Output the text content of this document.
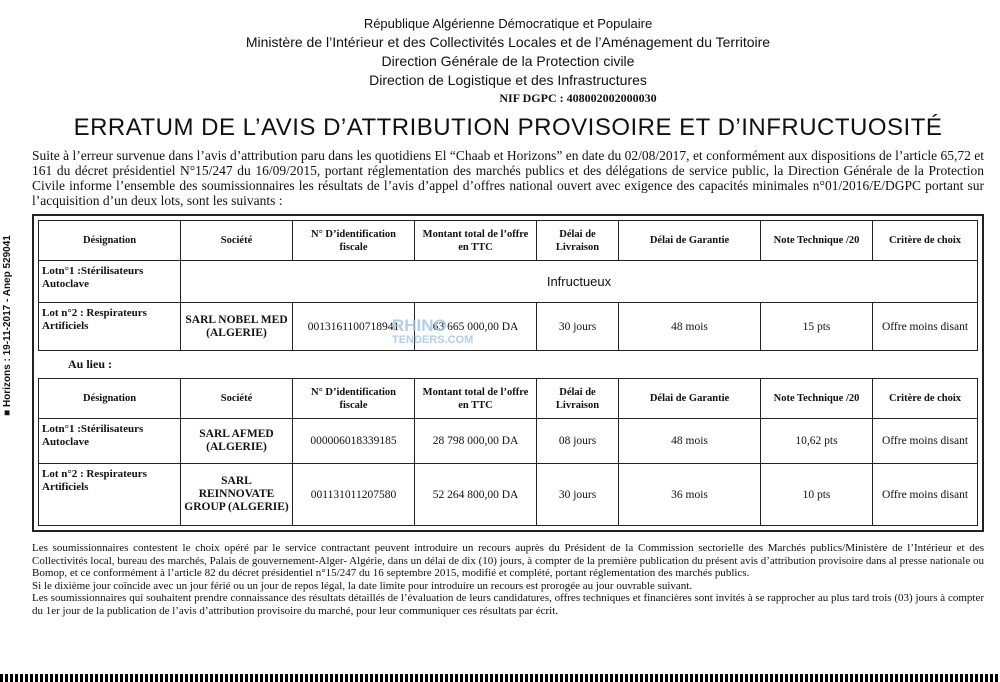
■ Horizons : 19-11-2017 - Anep 529041
République Algérienne Démocratique et Populaire
Ministère de l’Intérieur et des Collectivités Locales et de l’Aménagement du Territoire
Direction Générale de la Protection civile
Direction de Logistique et des Infrastructures
NIF DGPC : 408002002000030
ERRATUM DE L’AVIS D’ATTRIBUTION PROVISOIRE ET D’INFRUCTUOSITÉ

Suite à l’erreur survenue dans l’avis d’attribution paru dans les quotidiens El “Chaab et Horizons” en date du 02/08/2017, et conformément aux dispositions de l’article 65,72 et 161 du décret présidentiel N°15/247 du 16/09/2015, portant réglementation des marchés publics et des délégations de service public, la Direction Générale de la Protection Civile informe l’ensemble des soumissionnaires les résultats de l’avis d’appel d’offres national ouvert avec exigence des capacités minimales n°01/2016/E/DGPC portant sur l’acquisition d’un deux lots, sont les suivants :

Désignation	Société	N° D’identification fiscale	Montant total de l’offre en TTC	Délai de Livraison	Délai de Garantie	Note Technique /20	Critère de choix
Lotn°1 :Stérilisateurs Autoclave	Infructueux						
Lot n°2 : Respirateurs Artificiels	SARL NOBEL MED (ALGERIE)	0013161100718941	63 665 000,00 DA	30 jours	48 mois	15 pts	Offre moins disant
Au lieu :
Désignation	Société	N° D’identification fiscale	Montant total de l’offre en TTC	Délai de Livraison	Délai de Garantie	Note Technique /20	Critère de choix
Lotn°1 :Stérilisateurs Autoclave	SARL AFMED (ALGERIE)	000006018339185	28 798 000,00 DA	08 jours	48 mois	10,62 pts	Offre moins disant
Lot n°2 : Respirateurs Artificiels	SARL REINNOVATE GROUP (ALGERIE)	001131011207580	52 264 800,00 DA	30 jours	36 mois	10 pts	Offre moins disant

Les soumissionnaires contestent le choix opéré par le service contractant peuvent introduire un recours auprès du Président de la Commission sectorielle des Marchés publics/Ministère de l’Intérieur et des Collectivités local, bureau des marchés, Palais de gouvernement-Alger- Algérie, dans un délai de dix (10) jours, à compter de la première publication du présent avis d’attribution provisoire dans al presse nationale ou Bomop, et ce conformément à l’article 82 du décret présidentiel n°15/247 du 16 septembre 2015, modifié et complété, portant réglementation des marchés publics.

Si le dixième jour coïncide avec un jour férié ou un jour de repos légal, la date limite pour introduire un recours est prorogée au jour ouvrable suivant.

Les soumissionnaires qui souhaitent prendre connaissance des résultats détaillés de l’évaluation de leurs candidatures, offres techniques et financières sont invités à se rapprocher au plus tard trois (03) jours à compter du 1er jour de la publication de l’avis d’attribution provisoire du marché, pour leur communiquer ces résultats par écrit.

RHINO
TENDERS.COM
